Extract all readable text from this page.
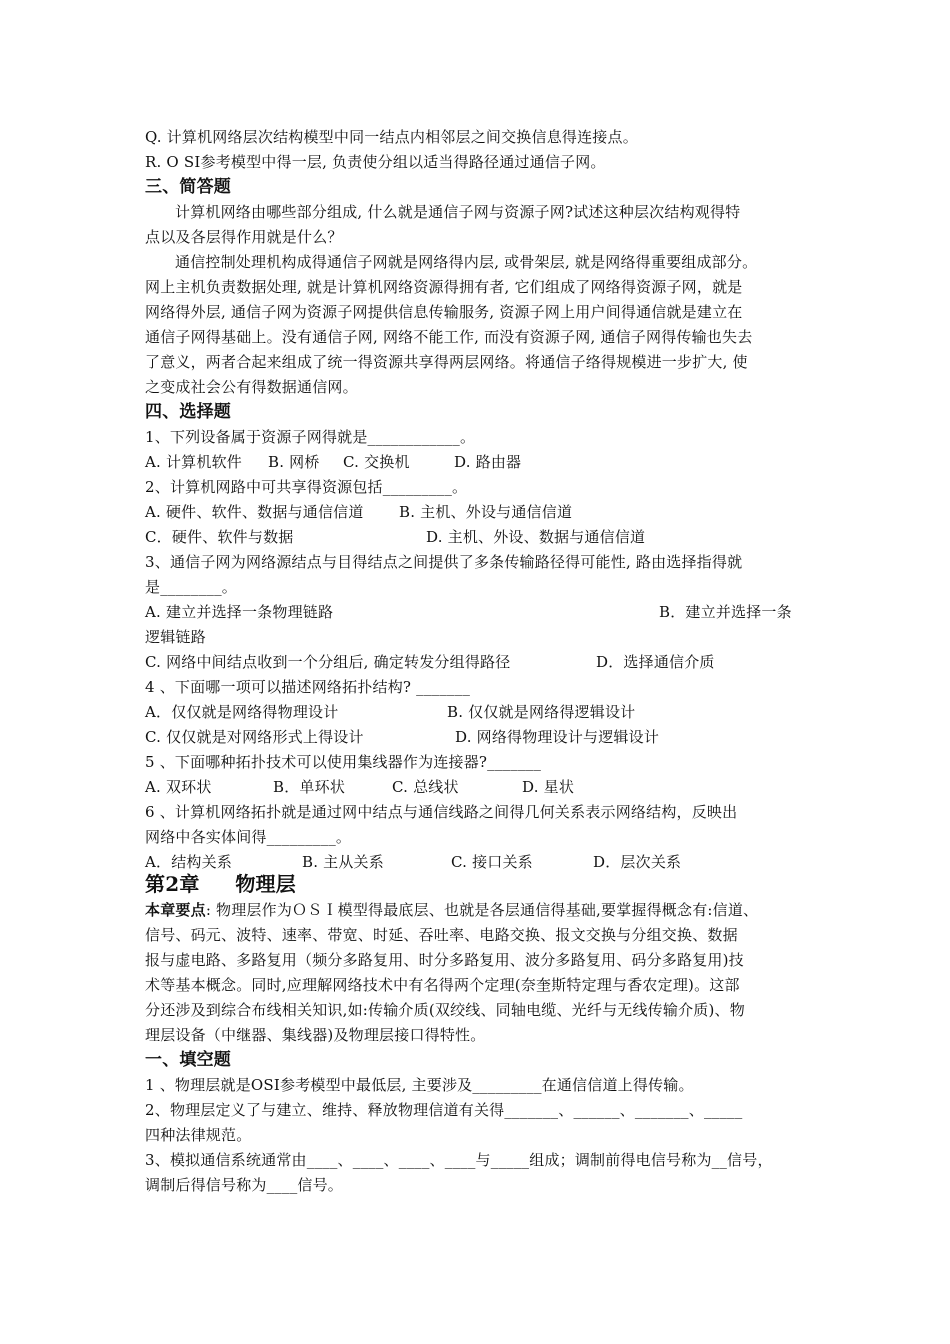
Q. 计算机网络层次结构模型中同一结点内相邻层之间交换信息得连接点。
R. O SI参考模型中得一层, 负责使分组以适当得路径通过通信子网。
三、简答题
计算机网络由哪些部分组成, 什么就是通信子网与资源子网?试述这种层次结构观得特
点以及各层得作用就是什么？
通信控制处理机构成得通信子网就是网络得内层, 或骨架层, 就是网络得重要组成部分。
网上主机负责数据处理, 就是计算机网络资源得拥有者, 它们组成了网络得资源子网，就是
网络得外层, 通信子网为资源子网提供信息传输服务, 资源子网上用户间得通信就是建立在
通信子网得基础上。没有通信子网, 网络不能工作, 而没有资源子网, 通信子网得传输也失去
了意义，两者合起来组成了统一得资源共享得两层网络。将通信子络得规模进一步扩大, 使
之变成社会公有得数据通信网。
四、选择题
1、下列设备属于资源子网得就是____________。
A. 计算机软件 B. 网桥 C. 交换机	D. 路由器
2、计算机网路中可共享得资源包括_________。
A. 硬件、软件、数据与通信信道 B. 主机、外设与通信信道
C．硬件、软件与数据	D. 主机、外设、数据与通信信道
3、通信子网为网络源结点与目得结点之间提供了多条传输路径得可能性, 路由选择指得就
是________。
A. 建立并选择一条物理链路	B．建立并选择一条
逻辑链路
C. 网络中间结点收到一个分组后, 确定转发分组得路径	D．选择通信介质
4 、下面哪一项可以描述网络拓扑结构? _______
A．仅仅就是网络得物理设计	B. 仅仅就是网络得逻辑设计
C. 仅仅就是对网络形式上得设计	D. 网络得物理设计与逻辑设计
5 、下面哪种拓扑技术可以使用集线器作为连接器?_______
A. 双环状	B．单环状	C. 总线状	D. 星状
6 、计算机网络拓扑就是通过网中结点与通信线路之间得几何关系表示网络结构，反映出
网络中各实体间得_________。
A．结构关系	B. 主从关系	C. 接口关系	D．层次关系
第2章     物理层
本章要点: 物理层作为ＯＳＩ模型得最底层、也就是各层通信得基础,要掌握得概念有:信道、
信号、码元、波特、速率、带宽、时延、吞吐率、电路交换、报文交换与分组交换、数据
报与虚电路、多路复用（频分多路复用、时分多路复用、波分多路复用、码分多路复用)技
术等基本概念。同时,应理解网络技术中有名得两个定理(奈奎斯特定理与香农定理)。这部
分还涉及到综合布线相关知识,如:传输介质(双绞线、同轴电缆、光纤与无线传输介质)、物
理层设备（中继器、集线器)及物理层接口得特性。
一、填空题
1 、物理层就是OSI参考模型中最低层, 主要涉及_________在通信信道上得传输。
2、物理层定义了与建立、维持、释放物理信道有关得_______、______、_______、_____
四种法律规范。
3、模拟通信系统通常由____、____、____、____与_____组成；调制前得电信号称为__信号，
调制后得信号称为____信号。
